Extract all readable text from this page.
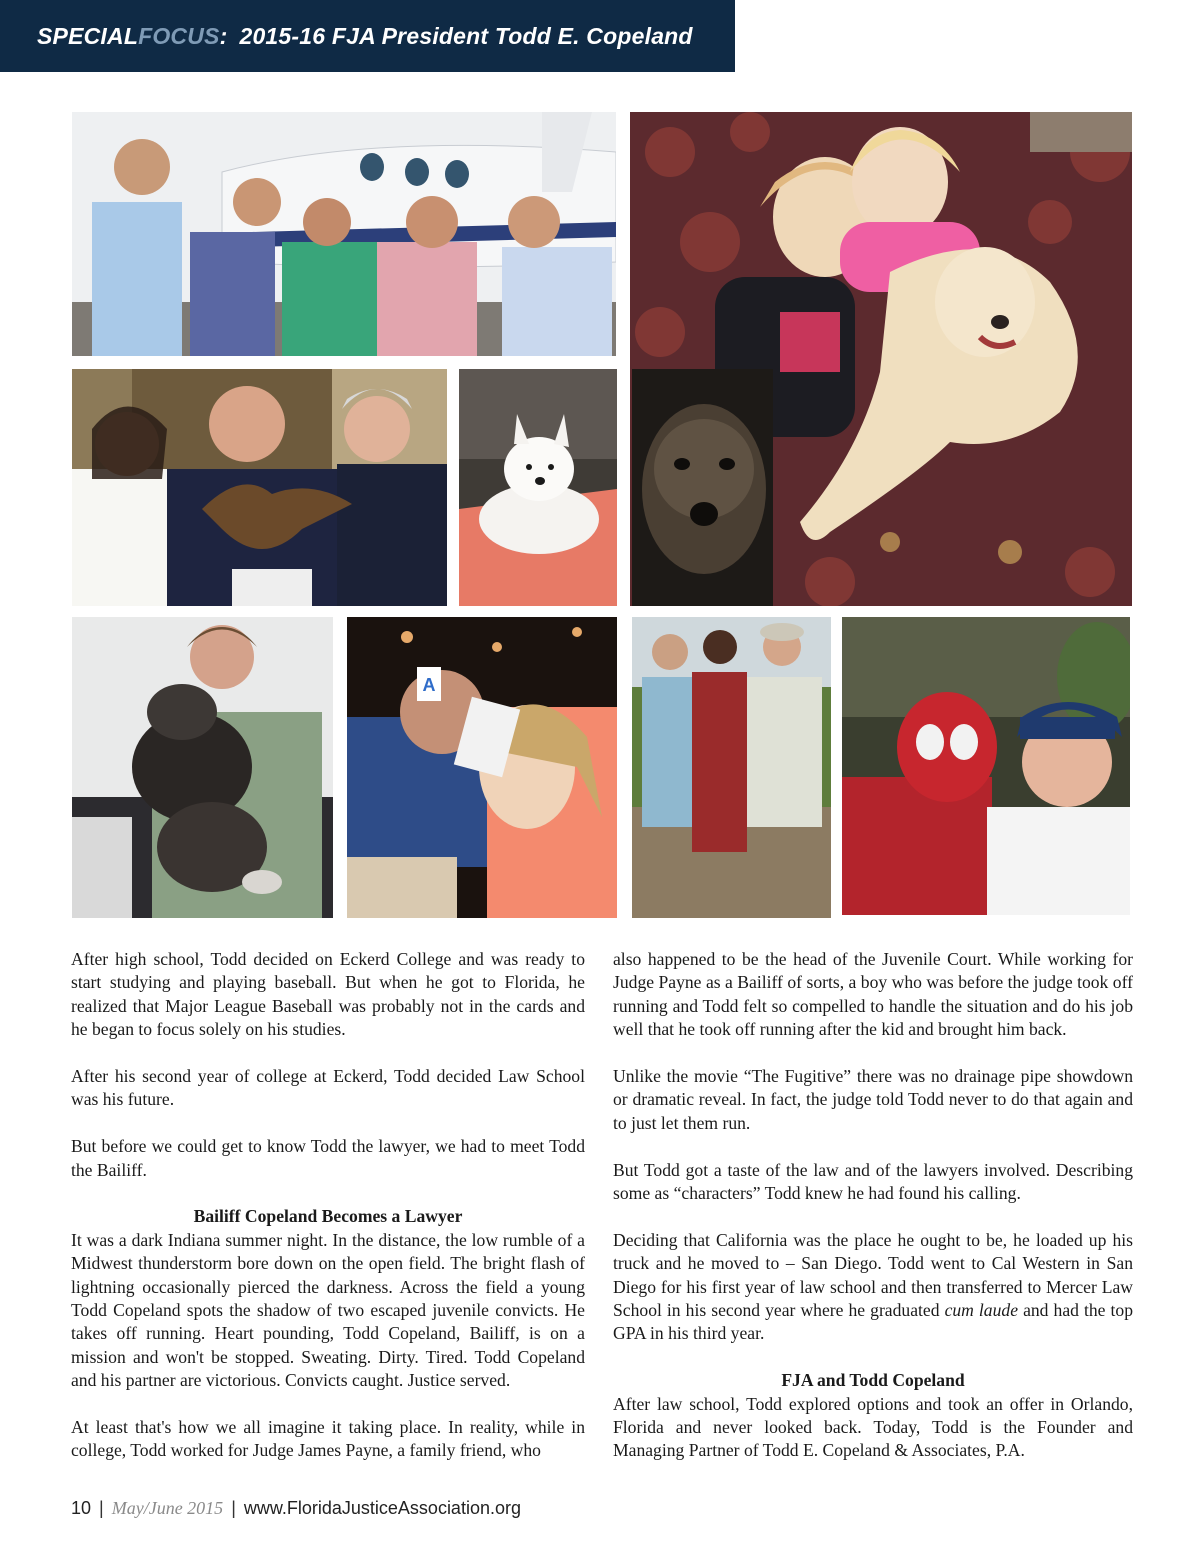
SPECIAL FOCUS : 2015-16 FJA President Todd E. Copeland
A

After high school, Todd decided on Eckerd College and was ready to start studying and playing baseball. But when he got to Florida, he realized that Major League Baseball was probably not in the cards and he began to focus solely on his studies.

After his second year of college at Eckerd, Todd decided Law School was his future.

But before we could get to know Todd the lawyer, we had to meet Todd the Bailiff.

Bailiff Copeland Becomes a Lawyer

It was a dark Indiana summer night. In the distance, the low rumble of a Midwest thunderstorm bore down on the open field. The bright flash of lightning occasionally pierced the darkness. Across the field a young Todd Copeland spots the shadow of two escaped juvenile convicts. He takes off running. Heart pounding, Todd Copeland, Bailiff, is on a mission and won't be stopped. Sweating. Dirty. Tired. Todd Copeland and his partner are victorious. Convicts caught. Justice served.

At least that's how we all imagine it taking place. In reality, while in college, Todd worked for Judge James Payne, a family friend, who

also happened to be the head of the Juvenile Court. While working for Judge Payne as a Bailiff of sorts, a boy who was before the judge took off running and Todd felt so compelled to handle the situation and do his job well that he took off running after the kid and brought him back.

Unlike the movie “The Fugitive” there was no drainage pipe showdown or dramatic reveal. In fact, the judge told Todd never to do that again and to just let them run.

But Todd got a taste of the law and of the lawyers involved. Describing some as “characters” Todd knew he had found his calling.

Deciding that California was the place he ought to be, he loaded up his truck and he moved to – San Diego. Todd went to Cal Western in San Diego for his first year of law school and then transferred to Mercer Law School in his second year where he graduated cum laude and had the top GPA in his third year.

FJA and Todd Copeland

After law school, Todd explored options and took an offer in Orlando, Florida and never looked back. Today, Todd is the Founder and Managing Partner of Todd E. Copeland & Associates, P.A.

10 | May/June 2015 | www.FloridaJusticeAssociation.org
